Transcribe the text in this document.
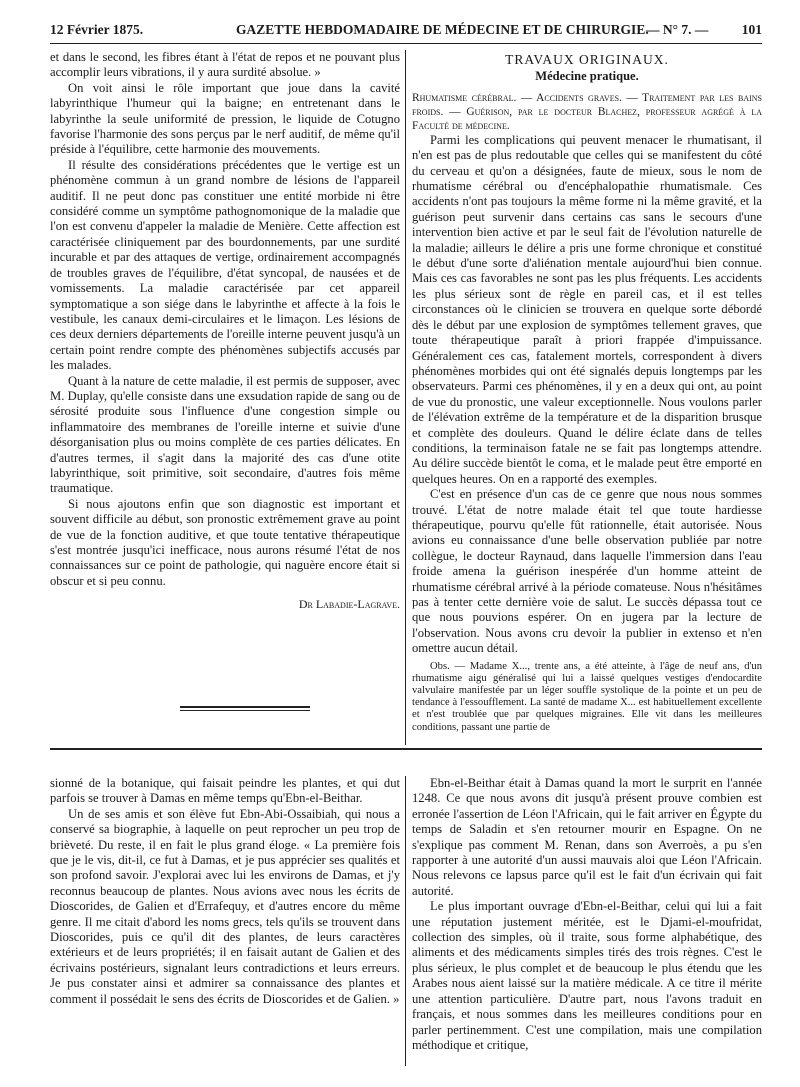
12 Février 1875.	GAZETTE HEBDOMADAIRE DE MÉDECINE ET DE CHIRURGIE.
— N° 7. — 101

et dans le second, les fibres étant à l'état de repos et ne pouvant plus accomplir leurs vibrations, il y aura surdité absolue. »

On voit ainsi le rôle important que joue dans la cavité labyrinthique l'humeur qui la baigne; en entretenant dans le labyrinthe la seule uniformité de pression, le liquide de Cotugno favorise l'harmonie des sons perçus par le nerf auditif, de même qu'il préside à l'équilibre, cette harmonie des mouvements.

Il résulte des considérations précédentes que le vertige est un phénomène commun à un grand nombre de lésions de l'appareil auditif. Il ne peut donc pas constituer une entité morbide ni être considéré comme un symptôme pathognomonique de la maladie que l'on est convenu d'appeler la maladie de Menière. Cette affection est caractérisée cliniquement par des bourdonnements, par une surdité incurable et par des attaques de vertige, ordinairement accompagnés de troubles graves de l'équilibre, d'état syncopal, de nausées et de vomissements. La maladie caractérisée par cet appareil symptomatique a son siége dans le labyrinthe et affecte à la fois le vestibule, les canaux demi-circulaires et le limaçon. Les lésions de ces deux derniers départements de l'oreille interne peuvent jusqu'à un certain point rendre compte des phénomènes subjectifs accusés par les malades.

Quant à la nature de cette maladie, il est permis de supposer, avec M. Duplay, qu'elle consiste dans une exsudation rapide de sang ou de sérosité produite sous l'influence d'une congestion simple ou inflammatoire des membranes de l'oreille interne et suivie d'une désorganisation plus ou moins complète de ces parties délicates. En d'autres termes, il s'agit dans la majorité des cas d'une otite labyrinthique, soit primitive, soit secondaire, d'autres fois même traumatique.

Si nous ajoutons enfin que son diagnostic est important et souvent difficile au début, son pronostic extrêmement grave au point de vue de la fonction auditive, et que toute tentative thérapeutique s'est montrée jusqu'ici inefficace, nous aurons résumé l'état de nos connaissances sur ce point de pathologie, qui naguère encore était si obscur et si peu connu.

Dr Labadie-Lagrave.
TRAVAUX ORIGINAUX.
Médecine pratique.

Rhumatisme cérébral. — Accidents graves. — Traitement par les bains froids. — Guérison, par le docteur Blachez, professeur agrégé à la Faculté de médecine.

Parmi les complications qui peuvent menacer le rhumatisant, il n'en est pas de plus redoutable que celles qui se manifestent du côté du cerveau et qu'on a désignées, faute de mieux, sous le nom de rhumatisme cérébral ou d'encéphalopathie rhumatismale. Ces accidents n'ont pas toujours la même forme ni la même gravité, et la guérison peut survenir dans certains cas sans le secours d'une intervention bien active et par le seul fait de l'évolution naturelle de la maladie; ailleurs le délire a pris une forme chronique et constitué le début d'une sorte d'aliénation mentale aujourd'hui bien connue. Mais ces cas favorables ne sont pas les plus fréquents. Les accidents les plus sérieux sont de règle en pareil cas, et il est telles circonstances où le clinicien se trouvera en quelque sorte débordé dès le début par une explosion de symptômes tellement graves, que toute thérapeutique paraît à priori frappée d'impuissance. Généralement ces cas, fatalement mortels, correspondent à divers phénomènes morbides qui ont été signalés depuis longtemps par les observateurs. Parmi ces phénomènes, il y en a deux qui ont, au point de vue du pronostic, une valeur exceptionnelle. Nous voulons parler de l'élévation extrême de la température et de la disparition brusque et complète des douleurs. Quand le délire éclate dans de telles conditions, la terminaison fatale ne se fait pas longtemps attendre. Au délire succède bientôt le coma, et le malade peut être emporté en quelques heures. On en a rapporté des exemples.

C'est en présence d'un cas de ce genre que nous nous sommes trouvé. L'état de notre malade était tel que toute hardiesse thérapeutique, pourvu qu'elle fût rationnelle, était autorisée. Nous avions eu connaissance d'une belle observation publiée par notre collègue, le docteur Raynaud, dans laquelle l'immersion dans l'eau froide amena la guérison inespérée d'un homme atteint de rhumatisme cérébral arrivé à la période comateuse. Nous n'hésitâmes pas à tenter cette dernière voie de salut. Le succès dépassa tout ce que nous pouvions espérer. On en jugera par la lecture de l'observation. Nous avons cru devoir la publier in extenso et n'en omettre aucun détail.

Obs. — Madame X..., trente ans, a été atteinte, à l'âge de neuf ans, d'un rhumatisme aigu généralisé qui lui a laissé quelques vestiges d'endocardite valvulaire manifestée par un léger souffle systolique de la pointe et un peu de tendance à l'essoufflement. La santé de madame X... est habituellement excellente et n'est troublée que par quelques migraines. Elle vit dans les meilleures conditions, passant une partie de

sionné de la botanique, qui faisait peindre les plantes, et qui dut parfois se trouver à Damas en même temps qu'Ebn-el-Beithar.

Un de ses amis et son élève fut Ebn-Abi-Ossaibiah, qui nous a conservé sa biographie, à laquelle on peut reprocher un peu trop de brièveté. Du reste, il en fait le plus grand éloge. « La première fois que je le vis, dit-il, ce fut à Damas, et je pus apprécier ses qualités et son profond savoir. J'explorai avec lui les environs de Damas, et j'y reconnus beaucoup de plantes. Nous avions avec nous les écrits de Dioscorides, de Galien et d'Errafequy, et d'autres encore du même genre. Il me citait d'abord les noms grecs, tels qu'ils se trouvent dans Dioscorides, puis ce qu'il dit des plantes, de leurs caractères extérieurs et de leurs propriétés; il en faisait autant de Galien et des écrivains postérieurs, signalant leurs contradictions et leurs erreurs. Je pus constater ainsi et admirer sa connaissance des plantes et comment il possédait le sens des écrits de Dioscorides et de Galien. »

Ebn-el-Beithar était à Damas quand la mort le surprit en l'année 1248. Ce que nous avons dit jusqu'à présent prouve combien est erronée l'assertion de Léon l'Africain, qui le fait arriver en Égypte du temps de Saladin et s'en retourner mourir en Espagne. On ne s'explique pas comment M. Renan, dans son Averroès, a pu s'en rapporter à une autorité d'un aussi mauvais aloi que Léon l'Africain. Nous relevons ce lapsus parce qu'il est le fait d'un écrivain qui fait autorité.

Le plus important ouvrage d'Ebn-el-Beithar, celui qui lui a fait une réputation justement méritée, est le Djami-el-moufridat, collection des simples, où il traite, sous forme alphabétique, des aliments et des médicaments simples tirés des trois règnes. C'est le plus sérieux, le plus complet et de beaucoup le plus étendu que les Arabes nous aient laissé sur la matière médicale. A ce titre il mérite une attention particulière. D'autre part, nous l'avons traduit en français, et nous sommes dans les meilleures conditions pour en parler pertinemment. C'est une compilation, mais une compilation méthodique et critique,
